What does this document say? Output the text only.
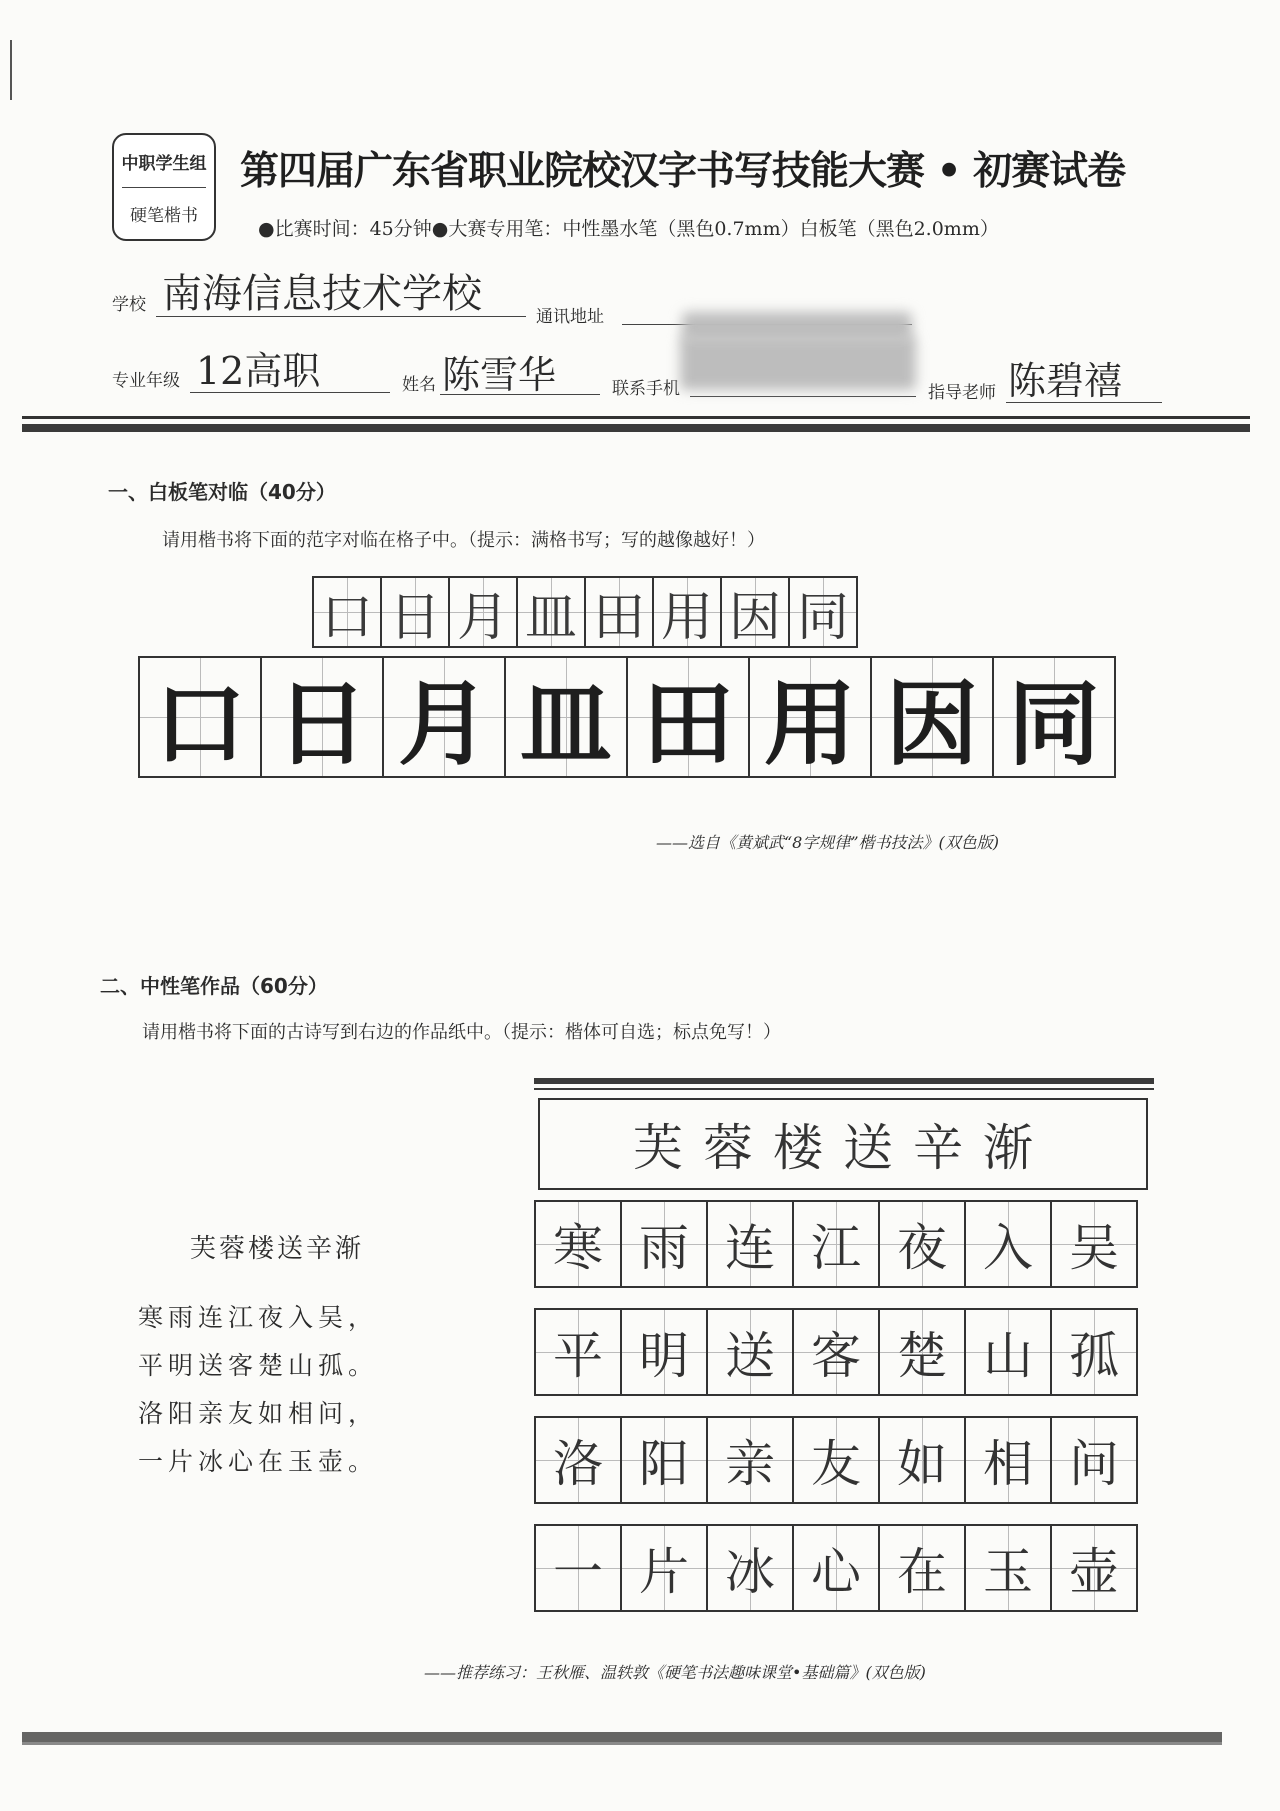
中职学生组
硬笔楷书
第四届广东省职业院校汉字书写技能大赛 • 初赛试卷
●比赛时间：45分钟●大赛专用笔：中性墨水笔（黑色0.7mm）白板笔（黑色2.0mm）
学校 南海信息技术学校	通讯地址
专业年级 12高职	姓名 陈雪华	联系手机	指导老师 陈碧禧
一、白板笔对临（40分）
请用楷书将下面的范字对临在格子中。（提示：满格书写；写的越像越好！）
口 日 月 皿 田 用 因 同
口 日 月 皿 田 用 因 同
——选自《黄斌武“8字规律”楷书技法》(双色版)
二、中性笔作品（60分）
请用楷书将下面的古诗写到右边的作品纸中。（提示：楷体可自选；标点免写！）
芙蓉楼送辛渐
寒雨连江夜入吴，
平明送客楚山孤。
洛阳亲友如相问，
一片冰心在玉壶。
芙蓉楼送辛渐
寒 雨 连 江 夜 入 吴
平 明 送 客 楚 山 孤
洛 阳 亲 友 如 相 问
一 片 冰 心 在 玉 壶
——推荐练习：王秋雁、温轶敦《硬笔书法趣味课堂•基础篇》(双色版)
